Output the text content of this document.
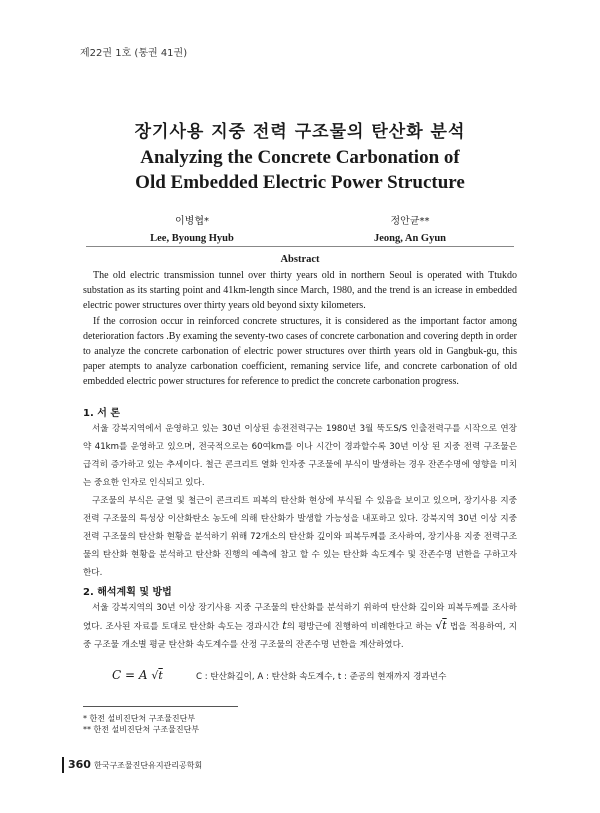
제22권 1호 (통권 41권)
장기사용 지중 전력 구조물의 탄산화 분석
Analyzing the Concrete Carbonation of
Old Embedded Electric Power Structure
이병협*
Lee, Byoung Hyub
정안균**
Jeong, An Gyun
Abstract

The old electric transmission tunnel over thirty years old in northern Seoul is operated with Ttukdo substation as its starting point and 41km-length since March, 1980, and the trend is an icrease in embedded electric power structures over thirty years old beyond sixty kilometers.

If the corrosion occur in reinforced concrete structures, it is considered as the important factor among deterioration factors .By examing the seventy-two cases of concrete carbonation and covering depth in order to analyze the concrete carbonation of electric power structures over thirth years old in Gangbuk-gu, this paper atempts to analyze carbonation coefficient, remaning service life, and concrete carbonation of old embedded electric power structures for reference to predict the concrete carbonation progress.

1. 서 론

서울 강북지역에서 운영하고 있는 30년 이상된 송전전력구는 1980년 3월 뚝도S/S 인출전력구를 시작으로 연장 약 41km를 운영하고 있으며, 전국적으로는 60여km를 이나 시간이 경과할수록 30년 이상 된 지중 전력 구조물은 급격히 증가하고 있는 추세이다. 철근 콘크리트 열화 인자중 구조물에 부식이 발생하는 경우 잔존수명에 영향을 미치는 중요한 인자로 인식되고 있다.

구조물의 부식은 균열 및 철근이 콘크리트 피복의 탄산화 현상에 부식될 수 있음을 보이고 있으며, 장기사용 지중전력 구조물의 특성상 이산화탄소 농도에 의해 탄산화가 발생할 가능성을 내포하고 있다. 강북지역 30년 이상 지중 전력 구조물의 탄산화 현황을 분석하기 위해 72개소의 탄산화 깊이와 피복두께를 조사하여, 장기사용 지중 전력구조물의 탄산화 현황을 분석하고 탄산화 진행의 예측에 참고 할 수 있는 탄산화 속도계수 및 잔존수명 년한을 구하고자 한다.

2. 해석계획 및 방법

서울 강북지역의 30년 이상 장기사용 지중 구조물의 탄산화를 분석하기 위하여 탄산화 깊이와 피복두께를 조사하였다. 조사된 자료를 토대로 탄산화 속도는 경과시간 t의 평방근에 진행하여 비례한다고 하는 √t 법을 적용하여, 지중 구조물 개소별 평균 탄산화 속도계수를 산정 구조물의 잔존수명 년한을 계산하였다.

C = A √t	C : 탄산화깊이, A : 탄산화 속도계수, t : 준공의 현재까지 경과년수
* 한전 설비진단처 구조물진단부
** 한전 설비진단처 구조물진단부
360 한국구조물진단유지관리공학회
